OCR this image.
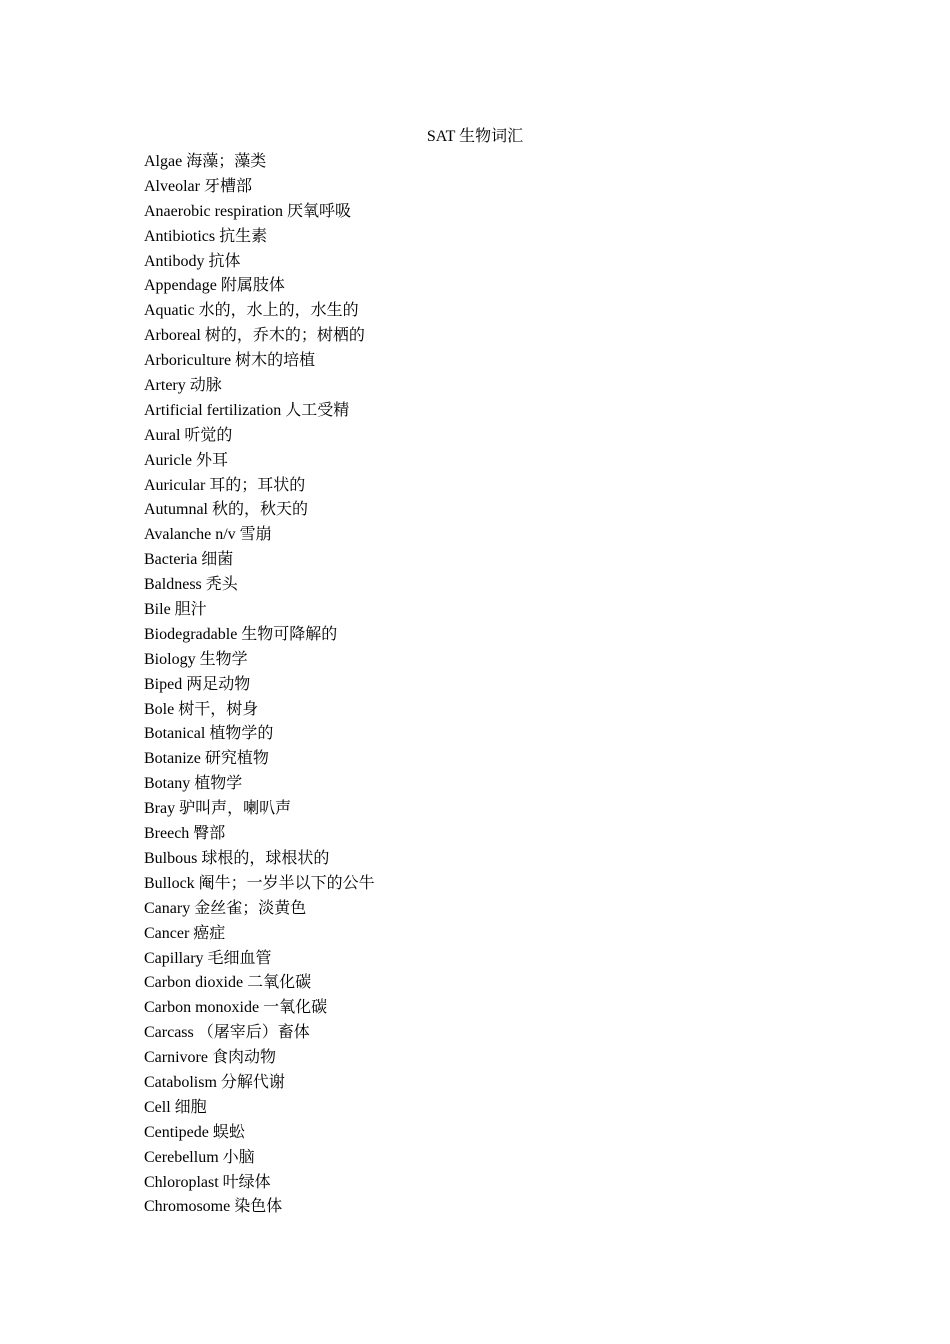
SAT 生物词汇
Algae 海藻；藻类
Alveolar 牙槽部
Anaerobic respiration 厌氧呼吸
Antibiotics 抗生素
Antibody 抗体
Appendage 附属肢体
Aquatic 水的，水上的，水生的
Arboreal 树的，乔木的；树栖的
Arboriculture 树木的培植
Artery 动脉
Artificial fertilization 人工受精
Aural 听觉的
Auricle 外耳
Auricular 耳的；耳状的
Autumnal 秋的，秋天的
Avalanche n/v 雪崩
Bacteria 细菌
Baldness 秃头
Bile 胆汁
Biodegradable 生物可降解的
Biology 生物学
Biped 两足动物
Bole 树干，树身
Botanical 植物学的
Botanize 研究植物
Botany 植物学
Bray 驴叫声，喇叭声
Breech 臀部
Bulbous 球根的，球根状的
Bullock 阉牛；一岁半以下的公牛
Canary 金丝雀；淡黄色
Cancer 癌症
Capillary 毛细血管
Carbon dioxide 二氧化碳
Carbon monoxide 一氧化碳
Carcass （屠宰后）畜体
Carnivore 食肉动物
Catabolism 分解代谢
Cell 细胞
Centipede 蜈蚣
Cerebellum 小脑
Chloroplast 叶绿体
Chromosome 染色体
